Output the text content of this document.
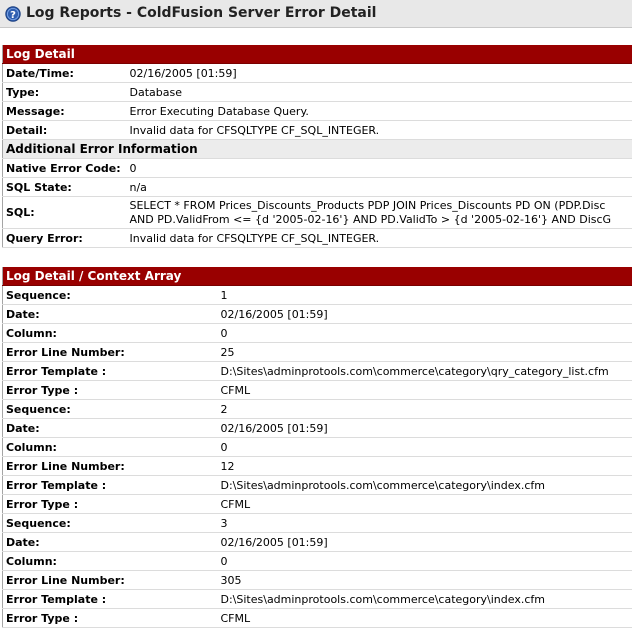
? Log Reports - ColdFusion Server Error Detail
Log Detail	
Date/Time:	02/16/2005 [01:59]
Type:	Database
Message:	Error Executing Database Query.
Detail:	Invalid data for CFSQLTYPE CF_SQL_INTEGER.
Additional Error Information	
Native Error Code:	0
SQL State:	n/a
SQL:	SELECT * FROM Prices_Discounts_Products PDP JOIN Prices_Discounts PD ON (PDP.Disc
AND PD.ValidFrom <= {d '2005-02-16'} AND PD.ValidTo > {d '2005-02-16'} AND DiscG

Query Error:	Invalid data for CFSQLTYPE CF_SQL_INTEGER.
Log Detail / Context Array	
Sequence:	1
Date:	02/16/2005 [01:59]
Column:	0
Error Line Number:	25
Error Template :	D:\Sites\adminprotools.com\commerce\category\qry_category_list.cfm
Error Type :	CFML
Sequence:	2
Date:	02/16/2005 [01:59]
Column:	0
Error Line Number:	12
Error Template :	D:\Sites\adminprotools.com\commerce\category\index.cfm
Error Type :	CFML
Sequence:	3
Date:	02/16/2005 [01:59]
Column:	0
Error Line Number:	305
Error Template :	D:\Sites\adminprotools.com\commerce\category\index.cfm
Error Type :	CFML
